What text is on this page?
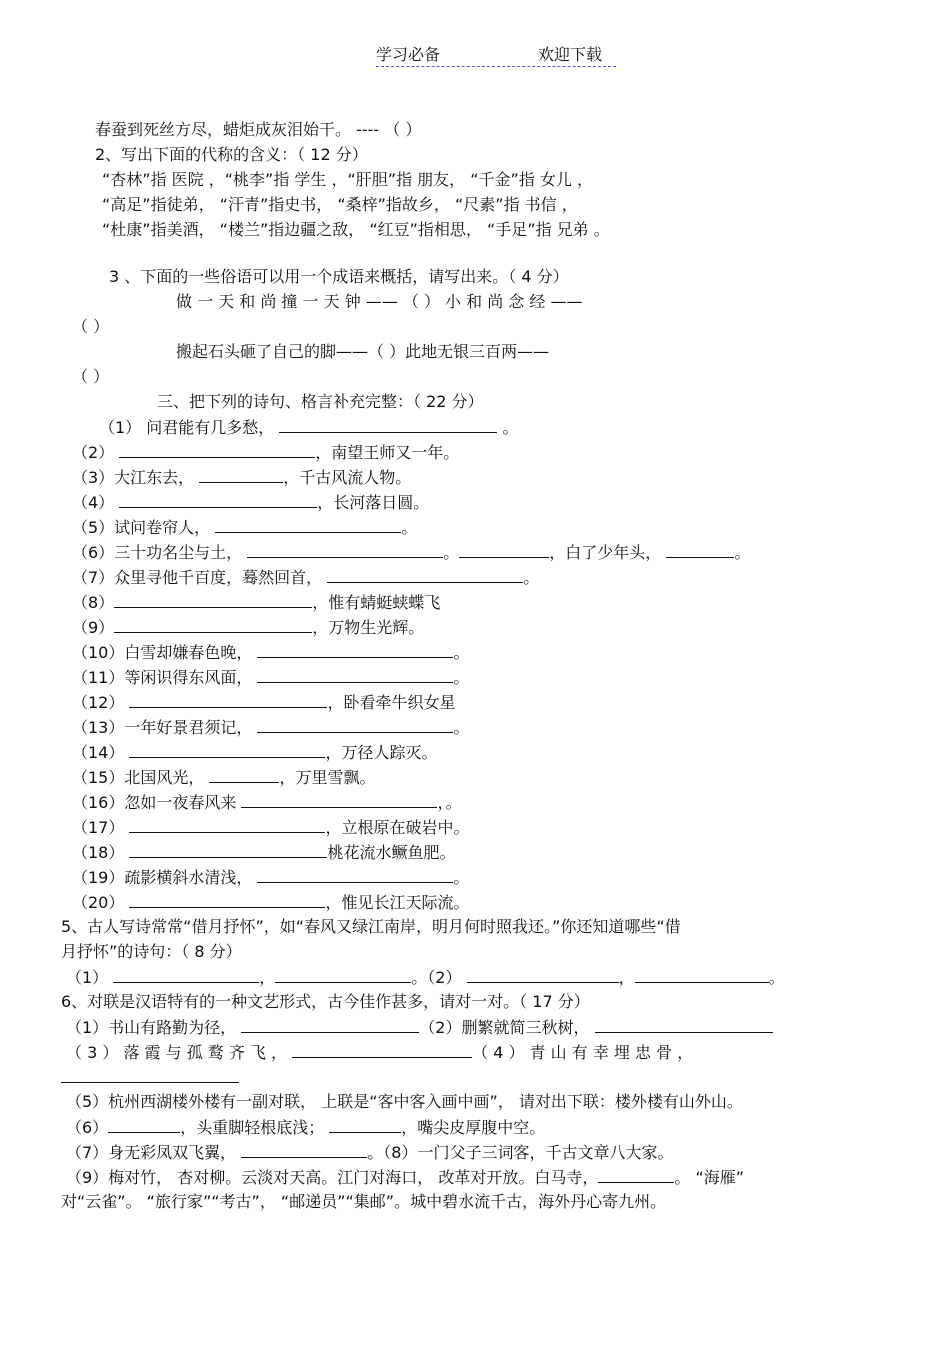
学习必备	欢迎下载
春蚕到死丝方尽，蜡炬成灰泪始干。 ---- （ ）
2、写出下面的代称的含义：（ 12 分）
“杏林”指 医院 ，“桃李”指 学生 ，“肝胆”指 朋友， “千金”指 女儿 ，
“高足”指徒弟， “汗青”指史书， “桑梓”指故乡， “尺素”指 书信 ，
“杜康”指美酒， “楼兰”指边疆之敌， “红豆”指相思， “手足”指 兄弟 。
3 、下面的一些俗语可以用一个成语来概括，请写出来。（ 4 分）
做 一 天 和 尚 撞 一 天 钟 —— （ ） 小 和 尚 念 经 ——
（ ）
搬起石头砸了自己的脚——（ ）此地无银三百两——
（ ）
三、把下列的诗句、格言补充完整：（ 22 分）
（1） 问君能有几多愁，	。
（2）	，南望王师又一年。
（3）大江东去，	，千古风流人物。
（4）	，长河落日圆。
（5）试问卷帘人，	。
（6）三十功名尘与土，	。	，白了少年头，	。
（7）众里寻他千百度，蓦然回首，	。
（8）	，惟有蜻蜓蛱蝶飞
（9）	，万物生光辉。
（10）白雪却嫌春色晚，	。
（11）等闲识得东风面，	。
（12）	，卧看牵牛织女星
（13）一年好景君须记，	。
（14）	，万径人踪灭。
（15）北国风光，	，万里雪飘。
（16）忽如一夜春风来	，。
（17）	，立根原在破岩中。
（18）	桃花流水鳜鱼肥。
（19）疏影横斜水清浅，	。
（20）	，惟见长江天际流。
5、古人写诗常常“借月抒怀”，如“春风又绿江南岸，明月何时照我还。”你还知道哪些“借
月抒怀”的诗句：（ 8 分）
（1）	，	。（2）	，	。
6、对联是汉语特有的一种文艺形式，古今佳作甚多，请对一对。（ 17 分）
（1）书山有路勤为径，	（2）删繁就简三秋树，
（ 3 ） 落 霞 与 孤 鹜 齐 飞 ，	（ 4 ） 青 山 有 幸 埋 忠 骨 ，
（5）杭州西湖楼外楼有一副对联， 上联是“客中客入画中画”， 请对出下联：楼外楼有山外山。
（6）	，头重脚轻根底浅；	，嘴尖皮厚腹中空。
（7）身无彩凤双飞翼，	。（8）一门父子三词客，千古文章八大家。
（9）梅对竹， 杏对柳。云淡对天高。江门对海口， 改革对开放。白马寺，	。 “海雁”
对“云雀”。 “旅行家”“考古”， “邮递员”“集邮”。城中碧水流千古，海外丹心寄九州。
